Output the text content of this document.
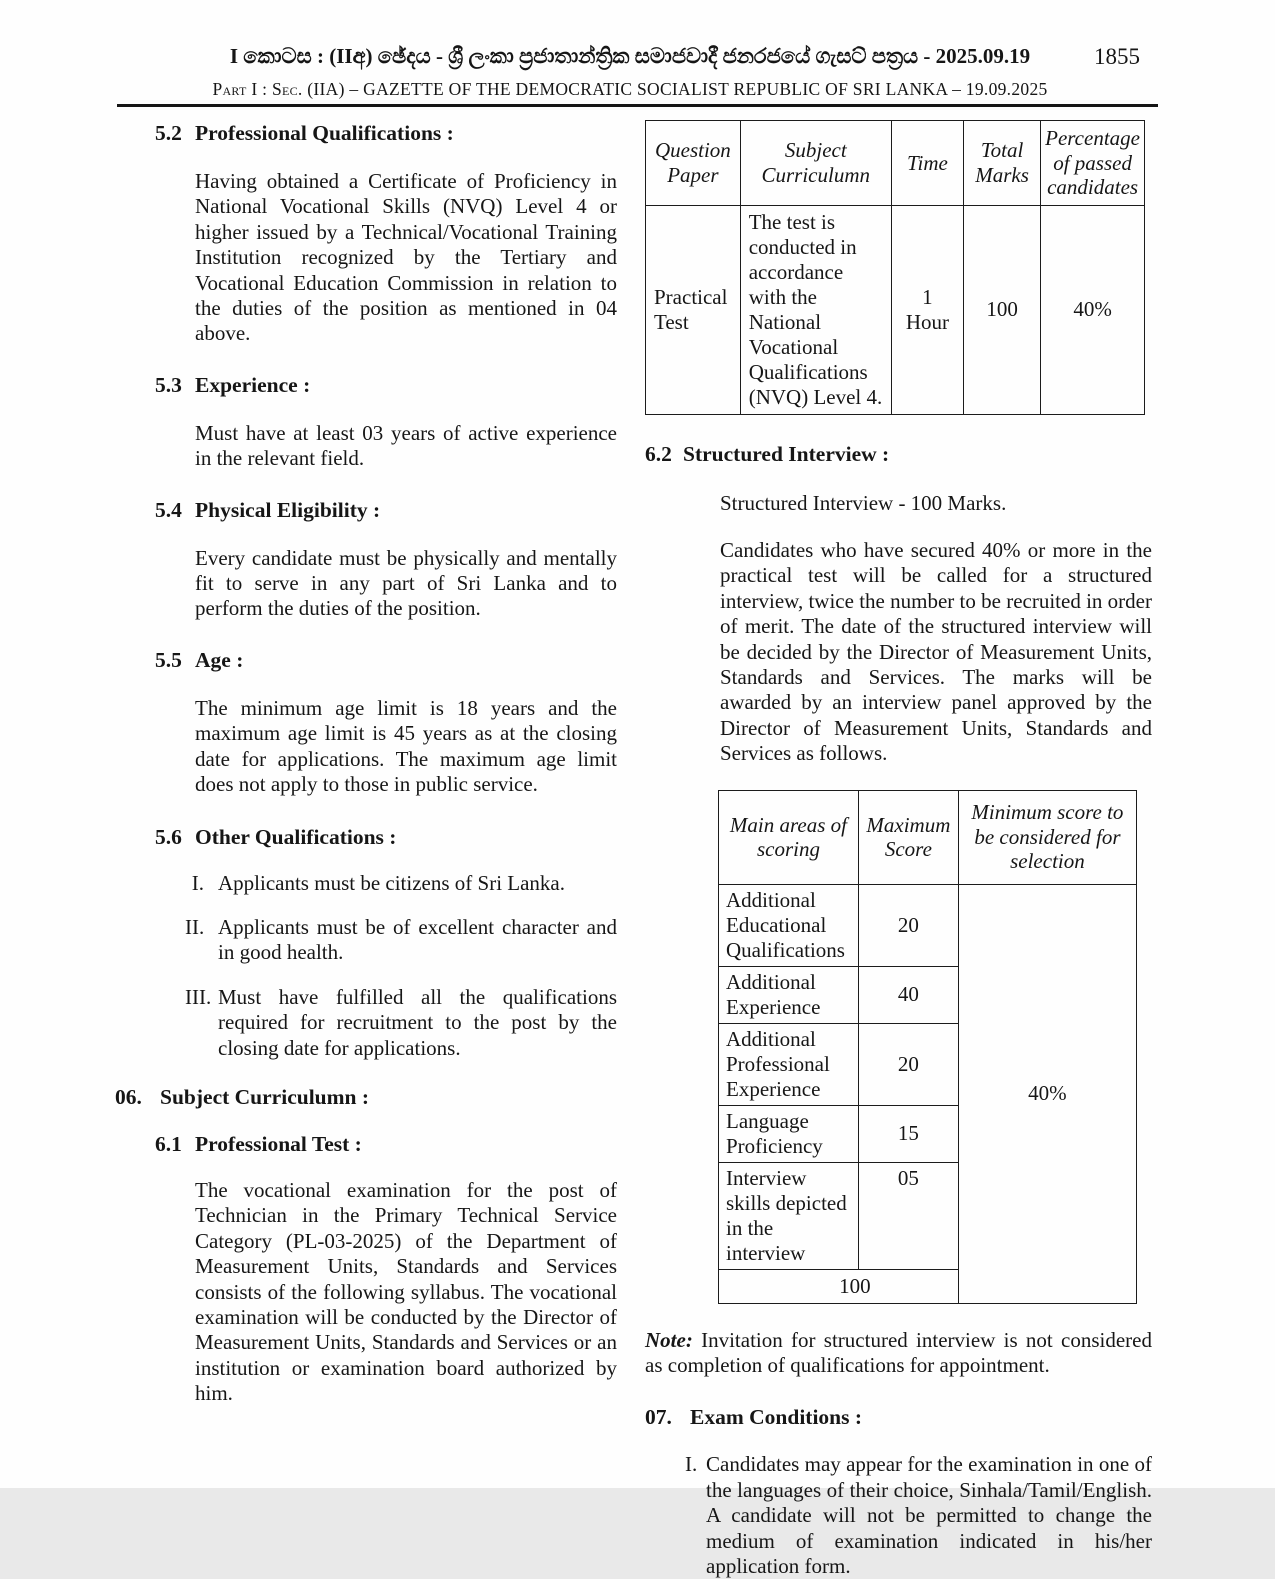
I කොටස : (IIඅ) ඡේදය - ශ්‍රී ලංකා ප්‍රජාතාන්ත්‍රික සමාජවාදී ජනරජයේ ගැසට් පත්‍රය - 2025.09.19	1855
Part I : Sec. (IIA) – GAZETTE OF THE DEMOCRATIC SOCIALIST REPUBLIC OF SRI LANKA – 19.09.2025
5.2 Professional Qualifications :

Having obtained a Certificate of Proficiency in National Vocational Skills (NVQ) Level 4 or higher issued by a Technical/Vocational Training Institution recognized by the Tertiary and Vocational Education Commission in relation to the duties of the position as mentioned in 04 above.

5.3 Experience :

Must have at least 03 years of active experience in the relevant field.

5.4 Physical Eligibility :

Every candidate must be physically and mentally fit to serve in any part of Sri Lanka and to perform the duties of the position.

5.5 Age :

The minimum age limit is 18 years and the maximum age limit is 45 years as at the closing date for applications. The maximum age limit does not apply to those in public service.

5.6 Other Qualifications :
I. Applicants must be citizens of Sri Lanka.
II. Applicants must be of excellent character and in good health.
III. Must have fulfilled all the qualifications required for recruitment to the post by the closing date for applications.
06. Subject Curriculumn :
6.1 Professional Test :

The vocational examination for the post of Technician in the Primary Technical Service Category (PL-03-2025) of the Department of Measurement Units, Standards and Services consists of the following syllabus. The vocational examination will be conducted by the Director of Measurement Units, Standards and Services or an institution or examination board authorized by him.

Question Paper	Subject Curriculumn	Time	Total Marks	Percentage of passed candidates
Practical Test	The test is conducted in accordance with the National Vocational Qualifications (NVQ) Level 4.	1 Hour	100	40%
6.2 Structured Interview :

Structured Interview - 100 Marks.

Candidates who have secured 40% or more in the practical test will be called for a structured interview, twice the number to be recruited in order of merit. The date of the structured interview will be decided by the Director of Measurement Units, Standards and Services. The marks will be awarded by an interview panel approved by the Director of Measurement Units, Standards and Services as follows.

Main areas of scoring	Maximum Score	Minimum score to be considered for selection
Additional Educational Qualifications	20	40%
Additional Experience	40	
Additional Professional Experience	20	
Language Proficiency	15	
Interview skills depicted in the interview	05	
100		

Note: Invitation for structured interview is not considered as completion of qualifications for appointment.

07. Exam Conditions :
I. Candidates may appear for the examination in one of the languages of their choice, Sinhala/Tamil/English. A candidate will not be permitted to change the medium of examination indicated in his/her application form.
